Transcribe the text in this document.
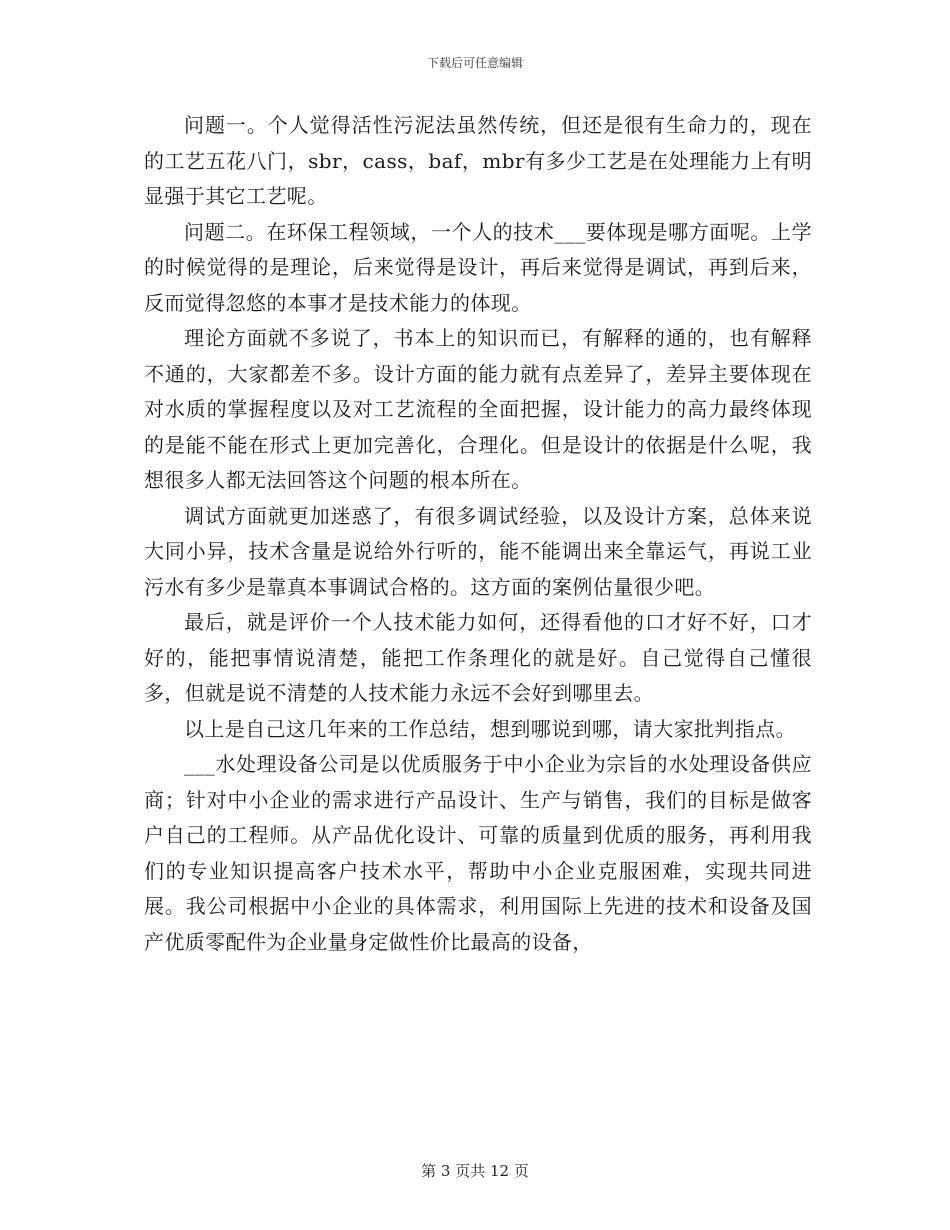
下载后可任意编辑

问题一。个人觉得活性污泥法虽然传统，但还是很有生命力的，现在的工艺五花八门，sbr，cass，baf，mbr有多少工艺是在处理能力上有明显强于其它工艺呢。

问题二。在环保工程领域，一个人的技术___要体现是哪方面呢。上学的时候觉得的是理论，后来觉得是设计，再后来觉得是调试，再到后来，反而觉得忽悠的本事才是技术能力的体现。

理论方面就不多说了，书本上的知识而已，有解释的通的，也有解释不通的，大家都差不多。设计方面的能力就有点差异了，差异主要体现在对水质的掌握程度以及对工艺流程的全面把握，设计能力的高力最终体现的是能不能在形式上更加完善化，合理化。但是设计的依据是什么呢，我想很多人都无法回答这个问题的根本所在。

调试方面就更加迷惑了，有很多调试经验，以及设计方案，总体来说大同小异，技术含量是说给外行听的，能不能调出来全靠运气，再说工业污水有多少是靠真本事调试合格的。这方面的案例估量很少吧。

最后，就是评价一个人技术能力如何，还得看他的口才好不好，口才好的，能把事情说清楚，能把工作条理化的就是好。自己觉得自己懂很多，但就是说不清楚的人技术能力永远不会好到哪里去。

以上是自己这几年来的工作总结，想到哪说到哪，请大家批判指点。

___水处理设备公司是以优质服务于中小企业为宗旨的水处理设备供应商；针对中小企业的需求进行产品设计、生产与销售，我们的目标是做客户自己的工程师。从产品优化设计、可靠的质量到优质的服务，再利用我们的专业知识提高客户技术水平，帮助中小企业克服困难，实现共同进展。我公司根据中小企业的具体需求，利用国际上先进的技术和设备及国产优质零配件为企业量身定做性价比最高的设备，

第 3 页共 12 页
